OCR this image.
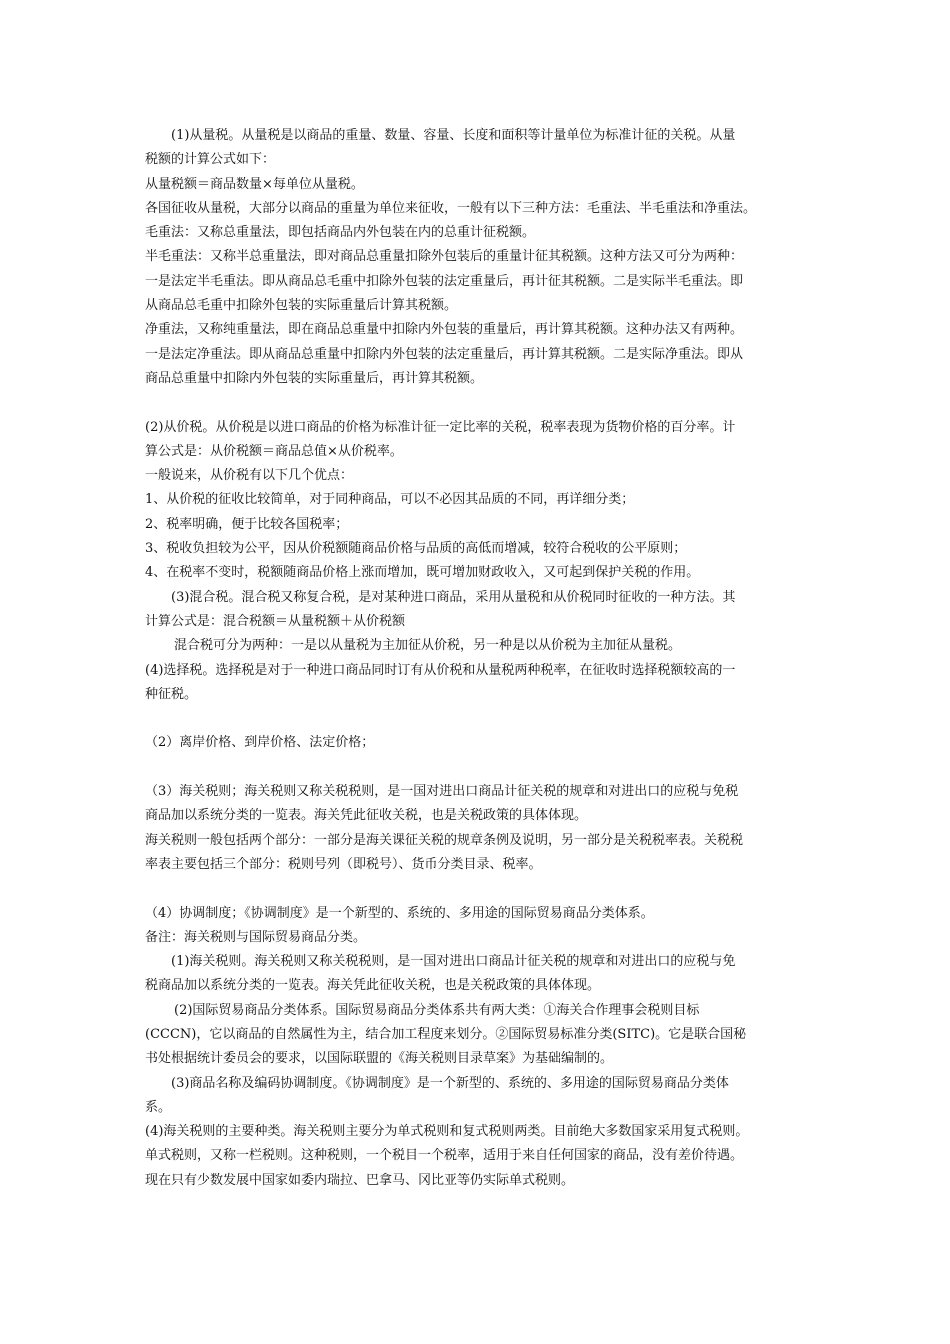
(1)从量税。从量税是以商品的重量、数量、容量、长度和面积等计量单位为标准计征的关税。从量
税额的计算公式如下：
从量税额＝商品数量×每单位从量税。
各国征收从量税，大部分以商品的重量为单位来征收，一般有以下三种方法：毛重法、半毛重法和净重法。
毛重法：又称总重量法，即包括商品内外包装在内的总重计征税额。
半毛重法：又称半总重量法，即对商品总重量扣除外包装后的重量计征其税额。这种方法又可分为两种：
一是法定半毛重法。即从商品总毛重中扣除外包装的法定重量后，再计征其税额。二是实际半毛重法。即
从商品总毛重中扣除外包装的实际重量后计算其税额。
净重法，又称纯重量法，即在商品总重量中扣除内外包装的重量后，再计算其税额。这种办法又有两种。
一是法定净重法。即从商品总重量中扣除内外包装的法定重量后，再计算其税额。二是实际净重法。即从
商品总重量中扣除内外包装的实际重量后，再计算其税额。
(2)从价税。从价税是以进口商品的价格为标准计征一定比率的关税，税率表现为货物价格的百分率。计
算公式是：从价税额＝商品总值×从价税率。
一般说来，从价税有以下几个优点：
1、从价税的征收比较简单，对于同种商品，可以不必因其品质的不同，再详细分类；
2、税率明确，便于比较各国税率；
3、税收负担较为公平，因从价税额随商品价格与品质的高低而增减，较符合税收的公平原则；
4、在税率不变时，税额随商品价格上涨而增加，既可增加财政收入，又可起到保护关税的作用。
(3)混合税。混合税又称复合税，是对某种进口商品，采用从量税和从价税同时征收的一种方法。其
计算公式是：混合税额＝从量税额＋从价税额
混合税可分为两种：一是以从量税为主加征从价税，另一种是以从价税为主加征从量税。
(4)选择税。选择税是对于一种进口商品同时订有从价税和从量税两种税率，在征收时选择税额较高的一
种征税。
（2）离岸价格、到岸价格、法定价格；
（3）海关税则；海关税则又称关税税则，是一国对进出口商品计征关税的规章和对进出口的应税与免税
商品加以系统分类的一览表。海关凭此征收关税，也是关税政策的具体体现。
海关税则一般包括两个部分：一部分是海关课征关税的规章条例及说明，另一部分是关税税率表。关税税
率表主要包括三个部分：税则号列（即税号）、货币分类目录、税率。
（4）协调制度；《协调制度》是一个新型的、系统的、多用途的国际贸易商品分类体系。
备注：海关税则与国际贸易商品分类。
(1)海关税则。海关税则又称关税税则，是一国对进出口商品计征关税的规章和对进出口的应税与免
税商品加以系统分类的一览表。海关凭此征收关税，也是关税政策的具体体现。
(2)国际贸易商品分类体系。国际贸易商品分类体系共有两大类：①海关合作理事会税则目标
(CCCN)，它以商品的自然属性为主，结合加工程度来划分。②国际贸易标准分类(SITC)。它是联合国秘
书处根据统计委员会的要求，以国际联盟的《海关税则目录草案》为基础编制的。
(3)商品名称及编码协调制度。《协调制度》是一个新型的、系统的、多用途的国际贸易商品分类体
系。
(4)海关税则的主要种类。海关税则主要分为单式税则和复式税则两类。目前绝大多数国家采用复式税则。
单式税则，又称一栏税则。这种税则，一个税目一个税率，适用于来自任何国家的商品，没有差价待遇。
现在只有少数发展中国家如委内瑞拉、巴拿马、冈比亚等仍实际单式税则。
